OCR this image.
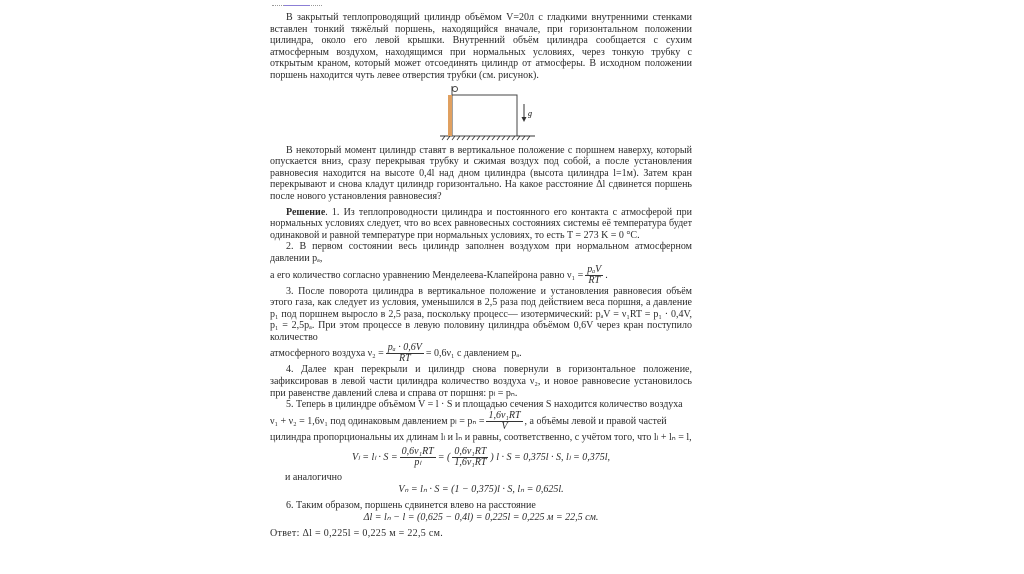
В закрытый теплопроводящий цилиндр объёмом V=20л с гладкими внутренними стенками вставлен тонкий тяжёлый поршень, находящийся вначале, при горизонтальном положении цилиндра, около его левой крышки. Внутренний объём цилиндра сообщается с сухим атмосферным воздухом, находящимся при нормальных условиях, через тонкую трубку с открытым краном, который может отсоединять цилиндр от атмосферы. В исходном положении поршень находится чуть левее отверстия трубки (см. рисунок).
g
В некоторый момент цилиндр ставят в вертикальное положение с поршнем наверху, который опускается вниз, сразу перекрывая трубку и сжимая воздух под собой, а после установления равновесия находится на высоте 0,4l над дном цилиндра (высота цилиндра l=1м). Затем кран перекрывают и снова кладут цилиндр горизонтально. На какое расстояние Δl сдвинется поршень после нового установления равновесия?
Решение. 1. Из теплопроводности цилиндра и постоянного его контакта с атмосферой при нормальных условиях следует, что во всех равновесных состояниях системы её температура будет одинаковой и равной температуре при нормальных условиях, то есть T = 273 K = 0 °C.
2. В первом состоянии весь цилиндр заполнен воздухом при нормальном атмосферном давлении pₐ,
а его количество согласно уравнению Менделеева-Клапейрона равно ν₁ =
pₐV
RT .
3. После поворота цилиндра в вертикальное положение и установления равновесия объём этого газа, как следует из условия, уменьшился в 2,5 раза под действием веса поршня, а давление p₁ под поршнем выросло в 2,5 раза, поскольку процесс— изотермический: pₐV = ν₁RT = p₁ · 0,4V, p₁ = 2,5pₐ. При этом процессе в левую половину цилиндра объёмом 0,6V через кран поступило количество
атмосферного воздуха $\nu_2 = \frac{\text{pₐ · 0,6V}}{RT} = 0,6\nu_1$ с давлением pₐ.
4. Далее кран перекрыли и цилиндр снова повернули в горизонтальное положение, зафиксировав в левой части цилиндра количество воздуха ν₂, и новое равновесие установилось при равенстве давлений слева и справа от поршня: pₗ = pₙ.
5. Теперь в цилиндре объёмом V = l · S и площадью сечения S находится количество воздуха
ν₁ + ν₂ = 1,6ν₁ под одинаковым давлением $p_l = p_n = \frac{\text{1,6ν₁RT}}{V}$ , а объёмы левой и правой частей
цилиндра пропорциональны их длинам lₗ и lₙ и равны, соответственно, с учётом того, что lₗ + lₙ = l,
$V_l = l_l \cdot S = \frac{\text{0,6ν₁RT}}{\text{pₗ}}$ = ( $\frac{\text{0,6ν₁RT}}{\text{1,6ν₁RT}}$ ) l · S = 0,375l · S, lₗ = 0,375l,
и аналогично
Vₙ = lₙ · S = (1 − 0,375)l · S, lₙ = 0,625l.
6. Таким образом, поршень сдвинется влево на расстояние
Δl = lₙ − l = (0,625 − 0,4l) = 0,225l = 0,225 м = 22,5 см.
Ответ: Δl = 0,225l = 0,225 м = 22,5 см.
